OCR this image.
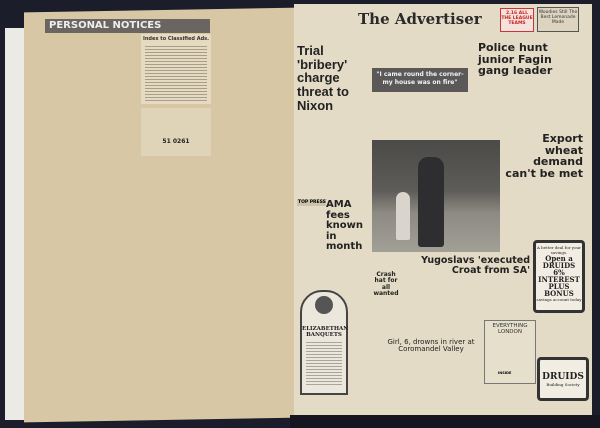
PERSONAL NOTICES
Index to Classified Ads.
51 0261
"I came round the corner- my house was on fire"
The Advertiser	2.16 ALL THE LEAGUE TEAMS
Woodies Still The Best Lemonade Made
Trial 'bribery' charge threat to Nixon
Police hunt junior Fagin gang leader
Export wheat demand can't be met
TOP PRESS AMA fees known in month
Yugoslavs 'executed Croat from SA'
Crash hat for all wanted
A better deal for your savings.
Open a DRUIDS 6% INTEREST PLUS BONUS
savings account today
ELIZABETHAN BANQUETS
Girl, 6, drowns in river at Coromandel Valley
EVERYTHING LONDON
INSIDE	DRUIDS
Building Society
